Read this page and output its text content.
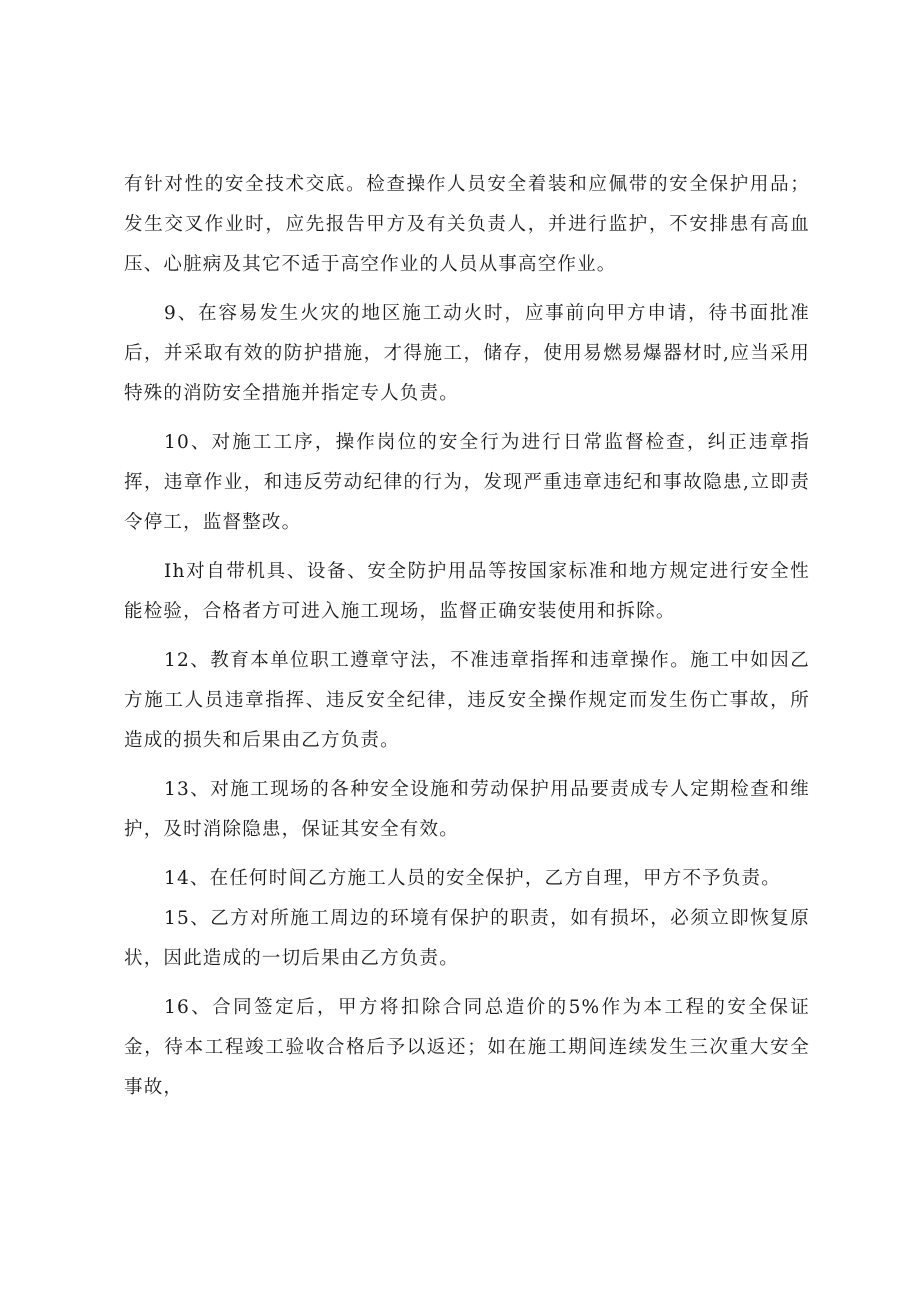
有针对性的安全技术交底。检查操作人员安全着装和应佩带的安全保护用品；发生交叉作业时，应先报告甲方及有关负责人，并进行监护，不安排患有高血压、心脏病及其它不适于高空作业的人员从事高空作业。

9、在容易发生火灾的地区施工动火时，应事前向甲方申请，待书面批准后，并采取有效的防护措施，才得施工，储存，使用易燃易爆器材时,应当采用特殊的消防安全措施并指定专人负责。

10、对施工工序，操作岗位的安全行为进行日常监督检查，纠正违章指挥，违章作业，和违反劳动纪律的行为，发现严重违章违纪和事故隐患,立即责令停工，监督整改。

Ih对自带机具、设备、安全防护用品等按国家标准和地方规定进行安全性能检验，合格者方可进入施工现场，监督正确安装使用和拆除。

12、教育本单位职工遵章守法，不准违章指挥和违章操作。施工中如因乙方施工人员违章指挥、违反安全纪律，违反安全操作规定而发生伤亡事故，所造成的损失和后果由乙方负责。

13、对施工现场的各种安全设施和劳动保护用品要责成专人定期检查和维护，及时消除隐患，保证其安全有效。

14、在任何时间乙方施工人员的安全保护，乙方自理，甲方不予负责。

15、乙方对所施工周边的环境有保护的职责，如有损坏，必须立即恢复原状，因此造成的一切后果由乙方负责。

16、合同签定后，甲方将扣除合同总造价的5%作为本工程的安全保证金，待本工程竣工验收合格后予以返还；如在施工期间连续发生三次重大安全事故，
